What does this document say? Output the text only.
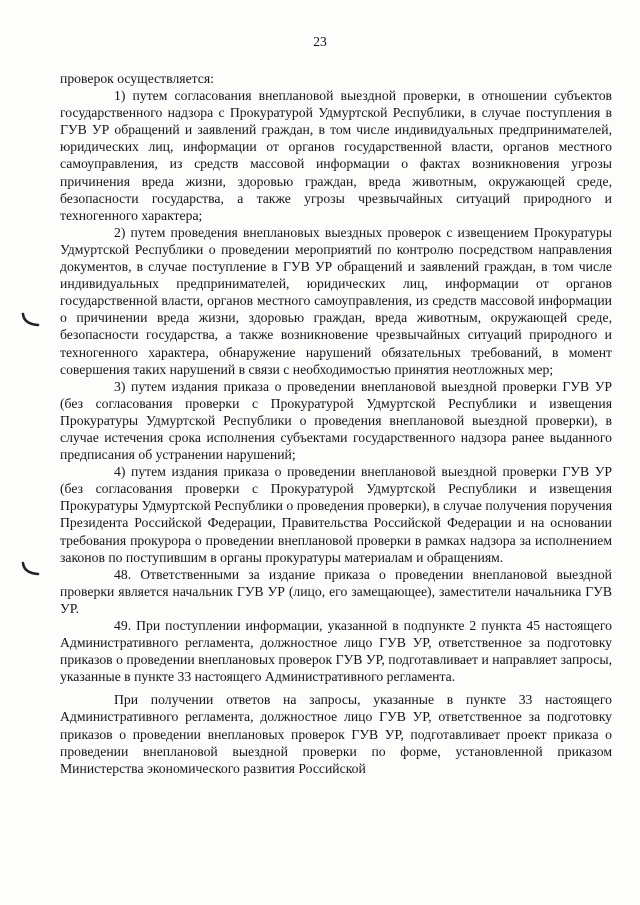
23

проверок осуществляется:

1) путем согласования внеплановой выездной проверки, в отношении субъектов государственного надзора с Прокуратурой Удмуртской Республики, в случае поступления в ГУВ УР обращений и заявлений граждан, в том числе индивидуальных предпринимателей, юридических лиц, информации от органов государственной власти, органов местного самоуправления, из средств массовой информации о фактах возникновения угрозы причинения вреда жизни, здоровью граждан, вреда животным, окружающей среде, безопасности государства, а также угрозы чрезвычайных ситуаций природного и техногенного характера;

2) путем проведения внеплановых выездных проверок с извещением Прокуратуры Удмуртской Республики о проведении мероприятий по контролю посредством направления документов, в случае поступление в ГУВ УР обращений и заявлений граждан, в том числе индивидуальных предпринимателей, юридических лиц, информации от органов государственной власти, органов местного самоуправления, из средств массовой информации о причинении вреда жизни, здоровью граждан, вреда животным, окружающей среде, безопасности государства, а также возникновение чрезвычайных ситуаций природного и техногенного характера, обнаружение нарушений обязательных требований, в момент совершения таких нарушений в связи с необходимостью принятия неотложных мер;

3) путем издания приказа о проведении внеплановой выездной проверки ГУВ УР (без согласования проверки с Прокуратурой Удмуртской Республики и извещения Прокуратуры Удмуртской Республики о проведения внеплановой выездной проверки), в случае истечения срока исполнения субъектами государственного надзора ранее выданного предписания об устранении нарушений;

4) путем издания приказа о проведении внеплановой выездной проверки ГУВ УР (без согласования проверки с Прокуратурой Удмуртской Республики и извещения Прокуратуры Удмуртской Республики о проведения проверки), в случае получения поручения Президента Российской Федерации, Правительства Российской Федерации и на основании требования прокурора о проведении внеплановой проверки в рамках надзора за исполнением законов по поступившим в органы прокуратуры материалам и обращениям.

48. Ответственными за издание приказа о проведении внеплановой выездной проверки является начальник ГУВ УР (лицо, его замещающее), заместители начальника ГУВ УР.

49. При поступлении информации, указанной в подпункте 2 пункта 45 настоящего Административного регламента, должностное лицо ГУВ УР, ответственное за подготовку приказов о проведении внеплановых проверок ГУВ УР, подготавливает и направляет запросы, указанные в пункте 33 настоящего Административного регламента.

При получении ответов на запросы, указанные в пункте 33 настоящего Административного регламента, должностное лицо ГУВ УР, ответственное за подготовку приказов о проведении внеплановых проверок ГУВ УР, подготавливает проект приказа о проведении внеплановой выездной проверки по форме, установленной приказом Министерства экономического развития Российской
